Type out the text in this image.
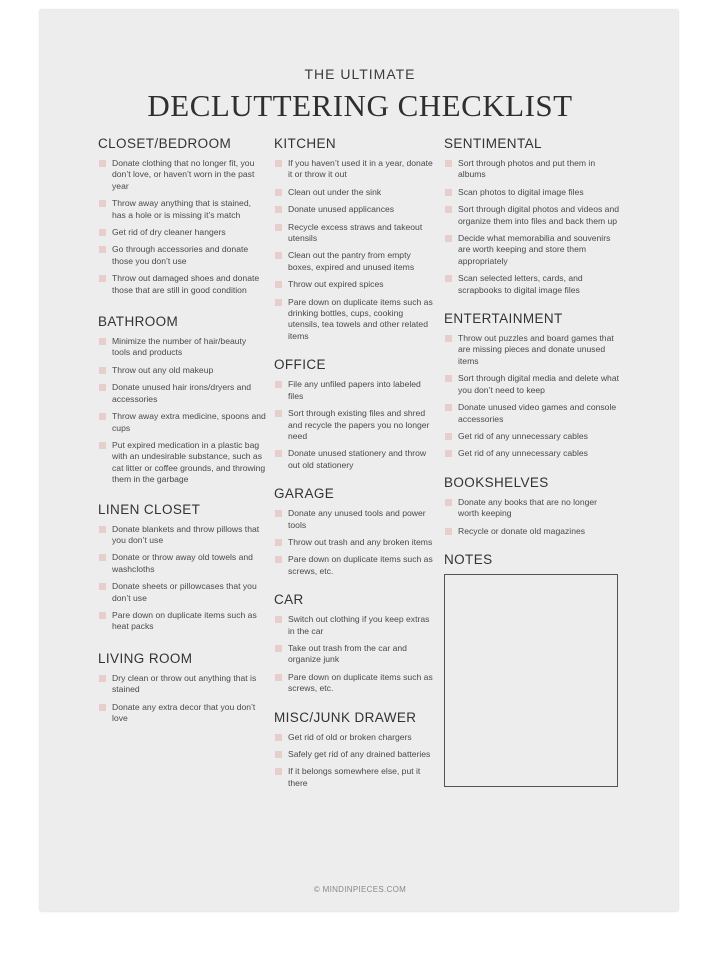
THE ULTIMATE
DECLUTTERING CHECKLIST
CLOSET/BEDROOM
Donate clothing that no longer fit, you don’t love, or haven’t worn in the past year
Throw away anything that is stained, has a hole or is missing it’s match
Get rid of dry cleaner hangers
Go through accessories and donate those you don’t use
Throw out damaged shoes and donate those that are still in good condition
BATHROOM
Minimize the number of hair/beauty tools and products
Throw out any old makeup
Donate unused hair irons/dryers and accessories
Throw away extra medicine, spoons and cups
Put expired medication in a plastic bag with an undesirable substance, such as cat litter or coffee grounds, and throwing them in the garbage
LINEN CLOSET
Donate blankets and throw pillows that you don’t use
Donate or throw away old towels and washcloths
Donate sheets or pillowcases that you don’t use
Pare down on duplicate items such as heat packs
LIVING ROOM
Dry clean or throw out anything that is stained
Donate any extra decor that you don’t love
KITCHEN
If you haven’t used it in a year, donate it or throw it out
Clean out under the sink
Donate unused applicances
Recycle excess straws and takeout utensils
Clean out the pantry from empty boxes, expired and unused items
Throw out expired spices
Pare down on duplicate items such as drinking bottles, cups, cooking utensils, tea towels and other related items
OFFICE
File any unfiled papers into labeled files
Sort through existing files and shred and recycle the papers you no longer need
Donate unused stationery and throw out old stationery
GARAGE
Donate any unused tools and power tools
Throw out trash and any broken items
Pare down on duplicate items such as screws, etc.
CAR
Switch out clothing if you keep extras in the car
Take out trash from the car and organize junk
Pare down on duplicate items such as screws, etc.
MISC/JUNK DRAWER
Get rid of old or broken chargers
Safely get rid of any drained batteries
If it belongs somewhere else, put it there
SENTIMENTAL
Sort through photos and put them in albums
Scan photos to digital image files
Sort through digital photos and videos and organize them into files and back them up
Decide what memorabilia and souvenirs are worth keeping and store them appropriately
Scan selected letters, cards, and scrapbooks to digital image files
ENTERTAINMENT
Throw out puzzles and board games that are missing pieces and donate unused items
Sort through digital media and delete what you don’t need to keep
Donate unused video games and console accessories
Get rid of any unnecessary cables
Get rid of any unnecessary cables
BOOKSHELVES
Donate any books that are no longer worth keeping
Recycle or donate old magazines
NOTES
© MINDINPIECES.COM
